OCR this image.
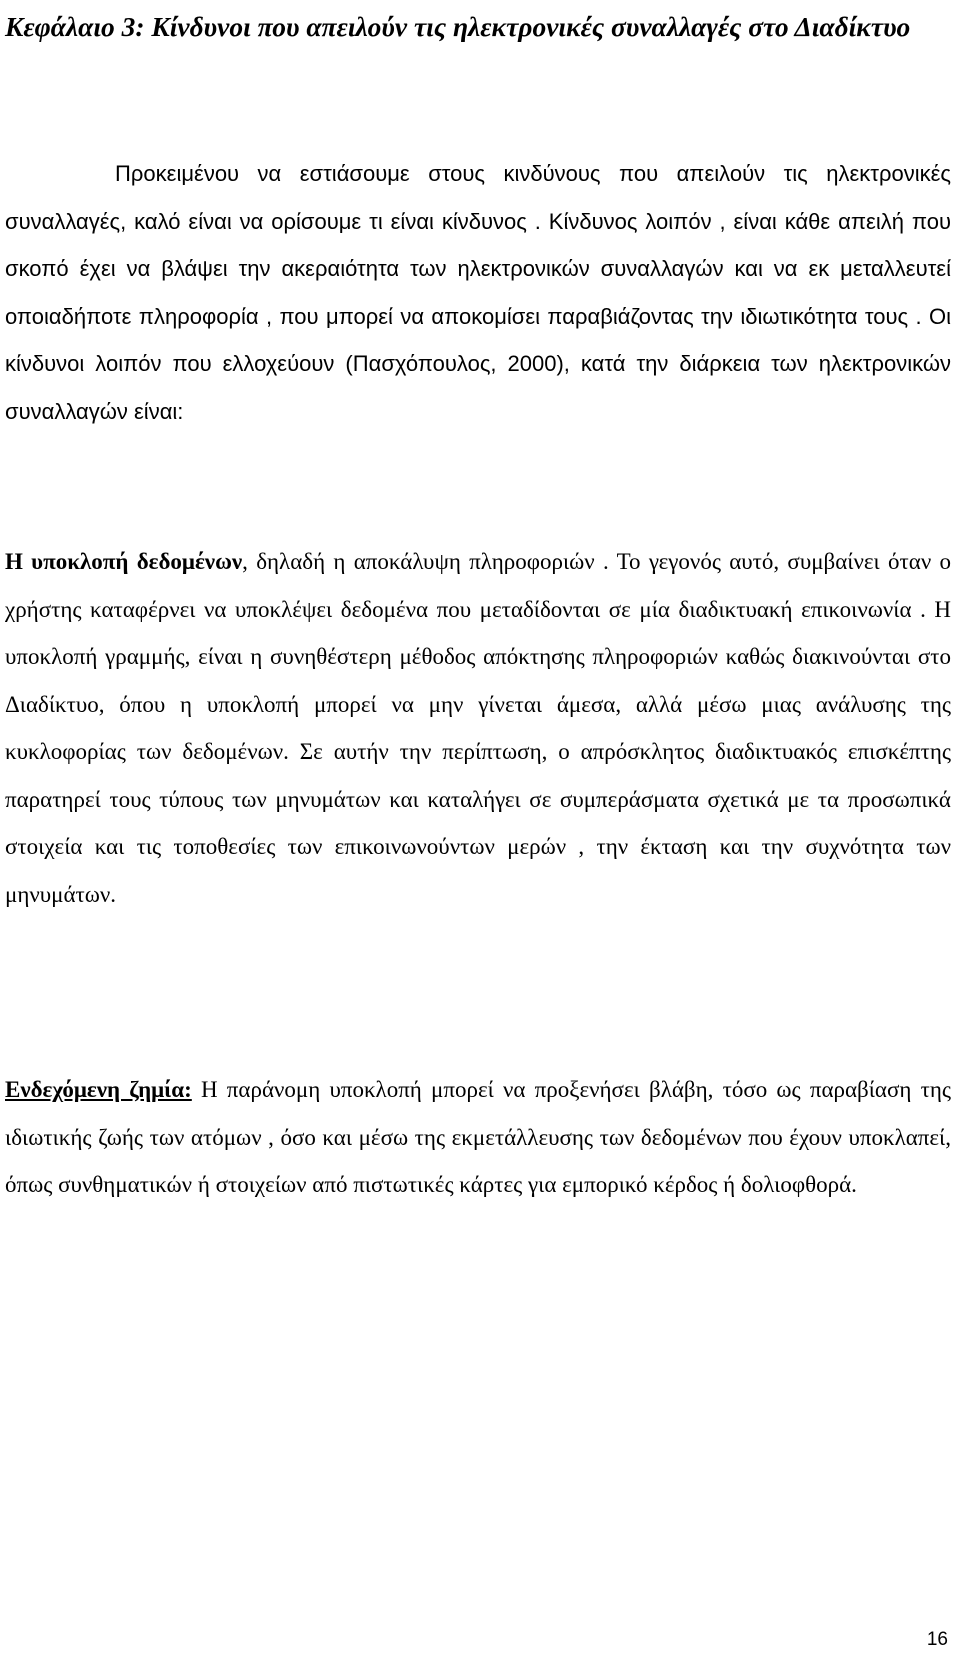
Κεφάλαιο 3: Κίνδυνοι που απειλούν τις ηλεκτρονικές συναλλαγές στο Διαδίκτυο
Προκειμένου να εστιάσουμε στους κινδύνους που απειλούν τις ηλεκτρονικές συναλλαγές, καλό είναι να ορίσουμε τι είναι κίνδυνος . Κίνδυνος λοιπόν , είναι κάθε απειλή που σκοπό έχει να βλάψει την ακεραιότητα των ηλεκτρονικών συναλλαγών και να εκ μεταλλευτεί οποιαδήποτε πληροφορία , που μπορεί να αποκομίσει παραβιάζοντας την ιδιωτικότητα τους . Οι κίνδυνοι λοιπόν που ελλοχεύουν (Πασχόπουλος, 2000), κατά την διάρκεια των ηλεκτρονικών συναλλαγών είναι:
Η υποκλοπή δεδομένων, δηλαδή η αποκάλυψη πληροφοριών . Το γεγονός αυτό, συμβαίνει όταν ο χρήστης καταφέρνει να υποκλέψει δεδομένα που μεταδίδονται σε μία διαδικτυακή επικοινωνία . Η υποκλοπή γραμμής, είναι η συνηθέστερη μέθοδος απόκτησης πληροφοριών καθώς διακινούνται στο Διαδίκτυο, όπου η υποκλοπή μπορεί να μην γίνεται άμεσα, αλλά μέσω μιας ανάλυσης της κυκλοφορίας των δεδομένων. Σε αυτήν την περίπτωση, ο απρόσκλητος διαδικτυακός επισκέπτης παρατηρεί τους τύπους των μηνυμάτων και καταλήγει σε συμπεράσματα σχετικά με τα προσωπικά στοιχεία και τις τοποθεσίες των επικοινωνούντων μερών , την έκταση και την συχνότητα των μηνυμάτων.
Ενδεχόμενη ζημία: Η παράνομη υποκλοπή μπορεί να προξενήσει βλάβη, τόσο ως παραβίαση της ιδιωτικής ζωής των ατόμων , όσο και μέσω της εκμετάλλευσης των δεδομένων που έχουν υποκλαπεί, όπως συνθηματικών ή στοιχείων από πιστωτικές κάρτες για εμπορικό κέρδος ή δολιοφθορά.
16
